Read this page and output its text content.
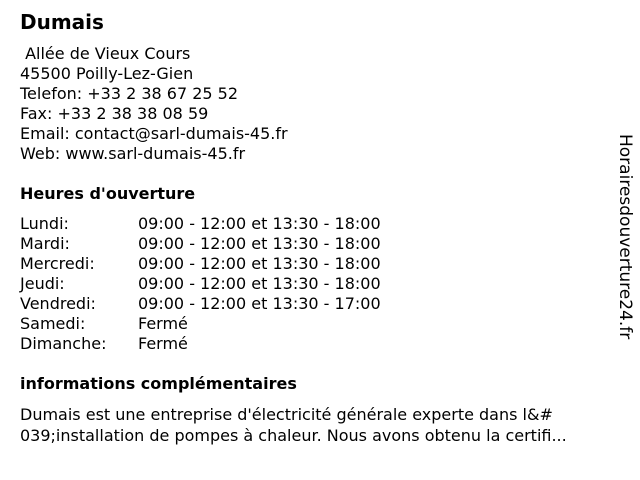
Dumais
Allée de Vieux Cours
45500 Poilly-Lez-Gien
Telefon: +33 2 38 67 25 52
Fax: +33 2 38 38 08 59
Email: contact@sarl-dumais-45.fr
Web: www.sarl-dumais-45.fr
Heures d'ouverture
Lundi:	09:00 - 12:00 et 13:30 - 18:00
Mardi:	09:00 - 12:00 et 13:30 - 18:00
Mercredi:	09:00 - 12:00 et 13:30 - 18:00
Jeudi:	09:00 - 12:00 et 13:30 - 18:00
Vendredi:	09:00 - 12:00 et 13:30 - 17:00
Samedi:	Fermé
Dimanche:	Fermé
informations complémentaires
Dumais est une entreprise d'électricité générale experte dans l&#
039;installation de pompes à chaleur. Nous avons obtenu la certifi...
Horairesdouverture24.fr
